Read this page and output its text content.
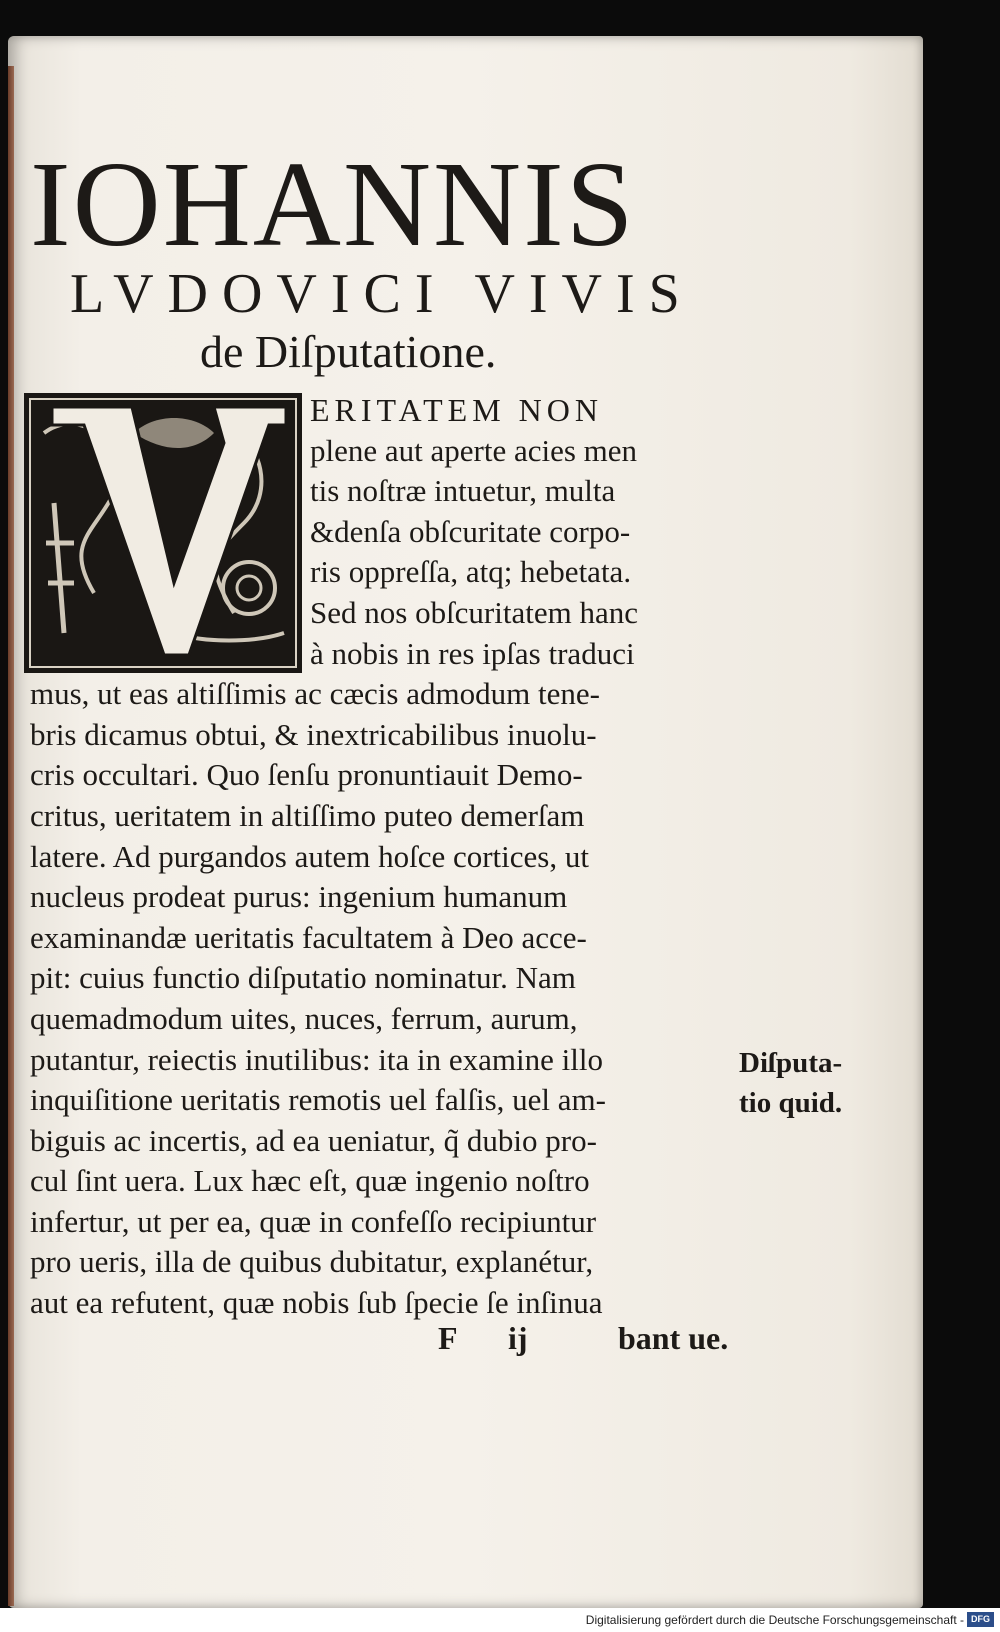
IOHANNIS
LVDOVICI VIVIS
de Diſputatione.
ERITATEM NON
plene aut aperte acies men
tis noſtræ intuetur, multa
&denſa obſcuritate corpo-
ris oppreſſa, atq; hebetata.
Sed nos obſcuritatem hanc
à nobis in res ipſas traduci
mus, ut eas altiſſimis ac cæcis admodum tene-
bris dicamus obtui, & inextricabilibus inuolu-
cris occultari. Quo ſenſu pronuntiauit Demo-
critus, ueritatem in altiſſimo puteo demerſam
latere. Ad purgandos autem hoſce cortices, ut
nucleus prodeat purus: ingenium humanum
examinandæ ueritatis facultatem à Deo acce-
pit: cuius functio diſputatio nominatur. Nam
quemadmodum uites, nuces, ferrum, aurum,
putantur, reiectis inutilibus: ita in examine illo
inquiſitione ueritatis remotis uel falſis, uel am-
biguis ac incertis, ad ea ueniatur, q̃ dubio pro-
cul ſint uera. Lux hæc eſt, quæ ingenio noſtro
infertur, ut per ea, quæ in confeſſo recipiuntur
pro ueris, illa de quibus dubitatur, explanétur,
aut ea refutent, quæ nobis ſub ſpecie ſe inſinua
Diſputa-
tio quid.
F ij	bant ue.
Digitalisierung gefördert durch die Deutsche Forschungsgemeinschaft - DFG
